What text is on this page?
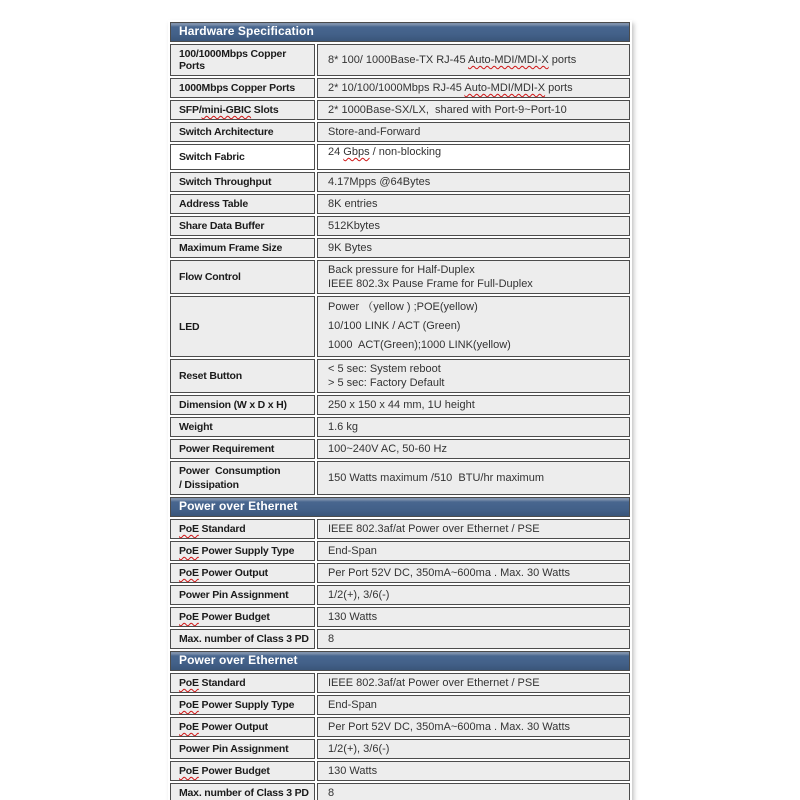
Hardware Specification	
100/1000Mbps Copper Ports	8* 100/ 1000Base-TX RJ-45 Auto-MDI/MDI-X ports

1000Mbps Copper Ports	2* 10/100/1000Mbps RJ-45 Auto-MDI/MDI-X ports

SFP/mini-GBIC Slots	2* 1000Base-SX/LX,  shared with Port-9~Port-10

Switch Architecture	Store-and-Forward

Switch Fabric	24 Gbps / non-blocking

Switch Throughput	4.17Mpps @64Bytes

Address Table	8K entries

Share Data Buffer	512Kbytes

Maximum Frame Size	9K Bytes

Flow Control	Back pressure for Half-Duplex
IEEE 802.3x Pause Frame for Full-Duplex

LED	Power （yellow ) ;POE(yellow)
10/100 LINK / ACT (Green)
1000  ACT(Green);1000 LINK(yellow)

Reset Button	< 5 sec: System reboot
> 5 sec: Factory Default

Dimension (W x D x H)	250 x 150 x 44 mm, 1U height

Weight	1.6 kg

Power Requirement	100~240V AC, 50-60 Hz

Power  Consumption
/ Dissipation	150 Watts maximum /510  BTU/hr maximum

Power over Ethernet	
PoE Standard	IEEE 802.3af/at Power over Ethernet / PSE

PoE Power Supply Type	End-Span

PoE Power Output	Per Port 52V DC, 350mA~600ma . Max. 30 Watts

Power Pin Assignment	1/2(+), 3/6(-)

PoE Power Budget	130 Watts

Max. number of Class 3 PD	8

Power over Ethernet	
PoE Standard	IEEE 802.3af/at Power over Ethernet / PSE

PoE Power Supply Type	End-Span

PoE Power Output	Per Port 52V DC, 350mA~600ma . Max. 30 Watts

Power Pin Assignment	1/2(+), 3/6(-)

PoE Power Budget	130 Watts

Max. number of Class 3 PD	8
